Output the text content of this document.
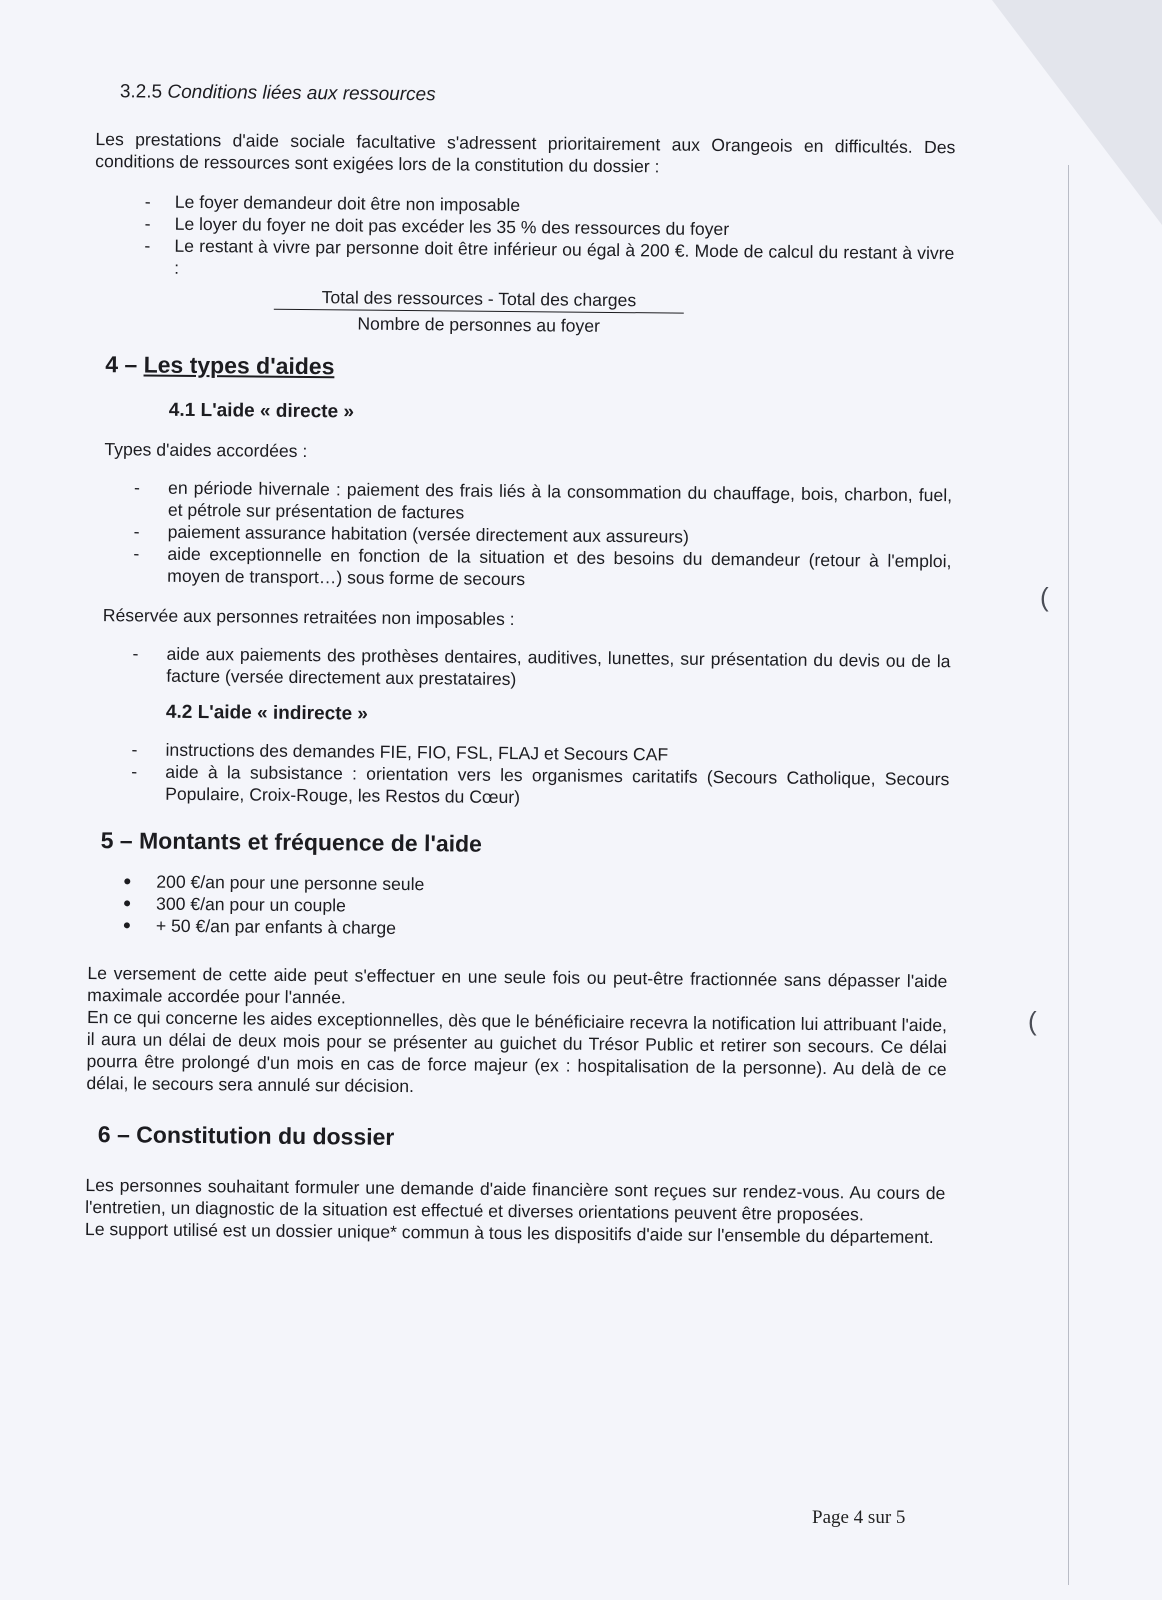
(
(
3.2.5 Conditions liées aux ressources

Les prestations d'aide sociale facultative s'adressent prioritairement aux Orangeois en difficultés. Des conditions de ressources sont exigées lors de la constitution du dossier :

- Le foyer demandeur doit être non imposable
- Le loyer du foyer ne doit pas excéder les 35 % des ressources du foyer
- Le restant à vivre par personne doit être inférieur ou égal à 200 €. Mode de calcul du restant à vivre :
Total des ressources - Total des charges
Nombre de personnes au foyer
4 – Les types d'aides
4.1 L'aide « directe »

Types d'aides accordées :

- en période hivernale : paiement des frais liés à la consommation du chauffage, bois, charbon, fuel, et pétrole sur présentation de factures
- paiement assurance habitation (versée directement aux assureurs)
- aide exceptionnelle en fonction de la situation et des besoins du demandeur (retour à l'emploi, moyen de transport…) sous forme de secours

Réservée aux personnes retraitées non imposables :

- aide aux paiements des prothèses dentaires, auditives, lunettes, sur présentation du devis ou de la facture (versée directement aux prestataires)
4.2 L'aide « indirecte »
- instructions des demandes FIE, FIO, FSL, FLAJ et Secours CAF
- aide à la subsistance : orientation vers les organismes caritatifs (Secours Catholique, Secours Populaire, Croix-Rouge, les Restos du Cœur)
5 – Montants et fréquence de l'aide
200 €/an pour une personne seule
300 €/an pour un couple
+ 50 €/an par enfants à charge

Le versement de cette aide peut s'effectuer en une seule fois ou peut-être fractionnée sans dépasser l'aide maximale accordée pour l'année.

En ce qui concerne les aides exceptionnelles, dès que le bénéficiaire recevra la notification lui attribuant l'aide, il aura un délai de deux mois pour se présenter au guichet du Trésor Public et retirer son secours. Ce délai pourra être prolongé d'un mois en cas de force majeur (ex : hospitalisation de la personne). Au delà de ce délai, le secours sera annulé sur décision.

6 – Constitution du dossier

Les personnes souhaitant formuler une demande d'aide financière sont reçues sur rendez-vous. Au cours de l'entretien, un diagnostic de la situation est effectué et diverses orientations peuvent être proposées.

Le support utilisé est un dossier unique* commun à tous les dispositifs d'aide sur l'ensemble du département.

Page 4 sur 5
